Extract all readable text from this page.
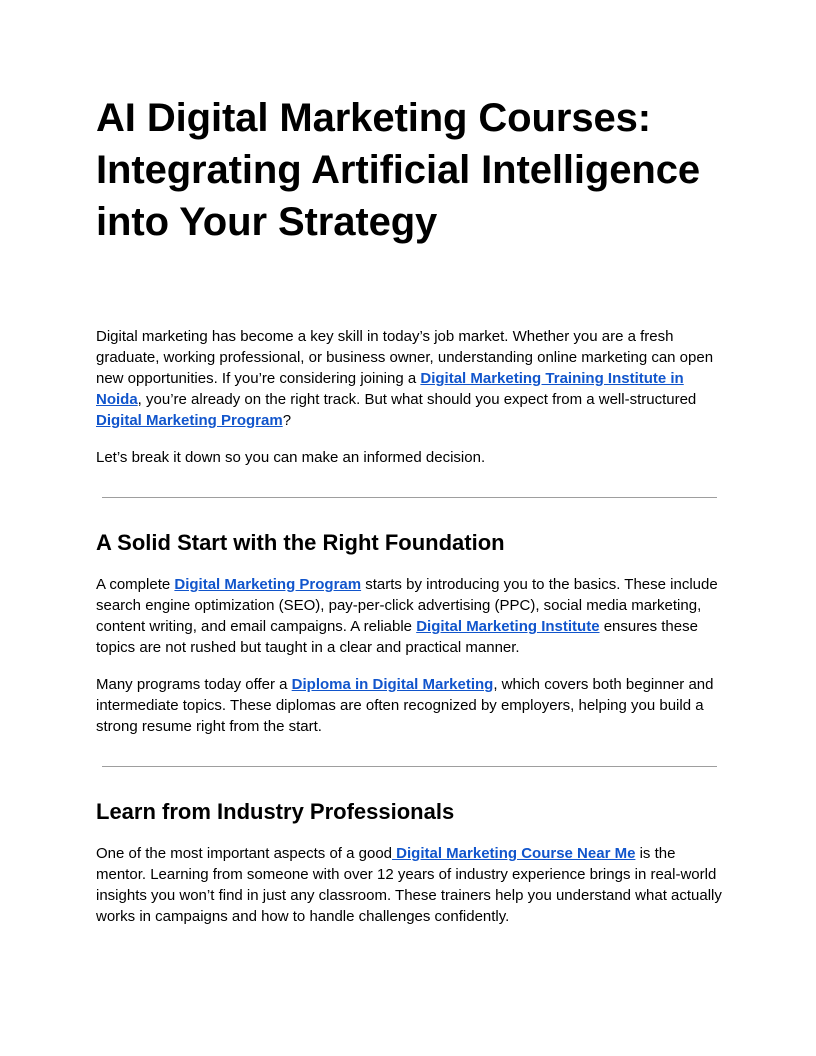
AI Digital Marketing Courses: Integrating Artificial Intelligence into Your Strategy

Digital marketing has become a key skill in today’s job market. Whether you are a fresh graduate, working professional, or business owner, understanding online marketing can open new opportunities. If you’re considering joining a Digital Marketing Training Institute in Noida, you’re already on the right track. But what should you expect from a well-structured Digital Marketing Program?

Let’s break it down so you can make an informed decision.

A Solid Start with the Right Foundation

A complete Digital Marketing Program starts by introducing you to the basics. These include search engine optimization (SEO), pay-per-click advertising (PPC), social media marketing, content writing, and email campaigns. A reliable Digital Marketing Institute ensures these topics are not rushed but taught in a clear and practical manner.

Many programs today offer a Diploma in Digital Marketing, which covers both beginner and intermediate topics. These diplomas are often recognized by employers, helping you build a strong resume right from the start.

Learn from Industry Professionals

One of the most important aspects of a good Digital Marketing Course Near Me is the mentor. Learning from someone with over 12 years of industry experience brings in real-world insights you won’t find in just any classroom. These trainers help you understand what actually works in campaigns and how to handle challenges confidently.
